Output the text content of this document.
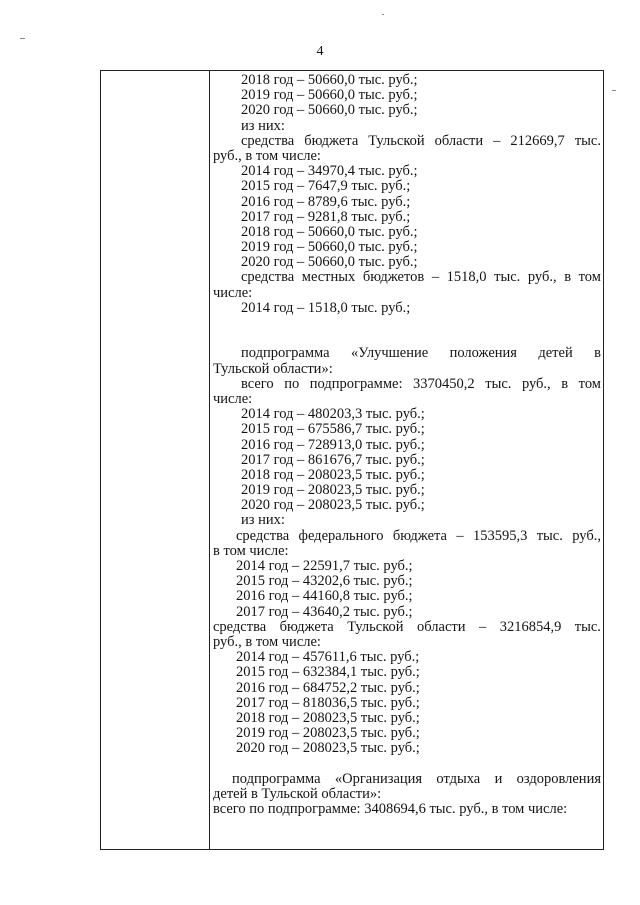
4
2018 год – 50660,0 тыс. руб.;
2019 год – 50660,0 тыс. руб.;
2020 год – 50660,0 тыс. руб.;
из них:
средства бюджета Тульской области – 212669,7 тыс.
руб., в том числе:
2014 год – 34970,4 тыс. руб.;
2015 год – 7647,9 тыс. руб.;
2016 год – 8789,6 тыс. руб.;
2017 год – 9281,8 тыс. руб.;
2018 год – 50660,0 тыс. руб.;
2019 год – 50660,0 тыс. руб.;
2020 год – 50660,0 тыс. руб.;
средства местных бюджетов – 1518,0 тыс. руб., в том
числе:
2014 год – 1518,0 тыс. руб.;
подпрограмма «Улучшение положения детей в
Тульской области»:
всего по подпрограмме: 3370450,2 тыс. руб., в том
числе:
2014 год – 480203,3 тыс. руб.;
2015 год – 675586,7 тыс. руб.;
2016 год – 728913,0 тыс. руб.;
2017 год – 861676,7 тыс. руб.;
2018 год – 208023,5 тыс. руб.;
2019 год – 208023,5 тыс. руб.;
2020 год – 208023,5 тыс. руб.;
из них:
средства федерального бюджета – 153595,3 тыс. руб.,
в том числе:
2014 год – 22591,7 тыс. руб.;
2015 год – 43202,6 тыс. руб.;
2016 год – 44160,8 тыс. руб.;
2017 год – 43640,2 тыс. руб.;
средства бюджета Тульской области – 3216854,9 тыс.
руб., в том числе:
2014 год – 457611,6 тыс. руб.;
2015 год – 632384,1 тыс. руб.;
2016 год – 684752,2 тыс. руб.;
2017 год – 818036,5 тыс. руб.;
2018 год – 208023,5 тыс. руб.;
2019 год – 208023,5 тыс. руб.;
2020 год – 208023,5 тыс. руб.;
подпрограмма «Организация отдыха и оздоровления
детей в Тульской области»:
всего по подпрограмме: 3408694,6 тыс. руб., в том числе:
